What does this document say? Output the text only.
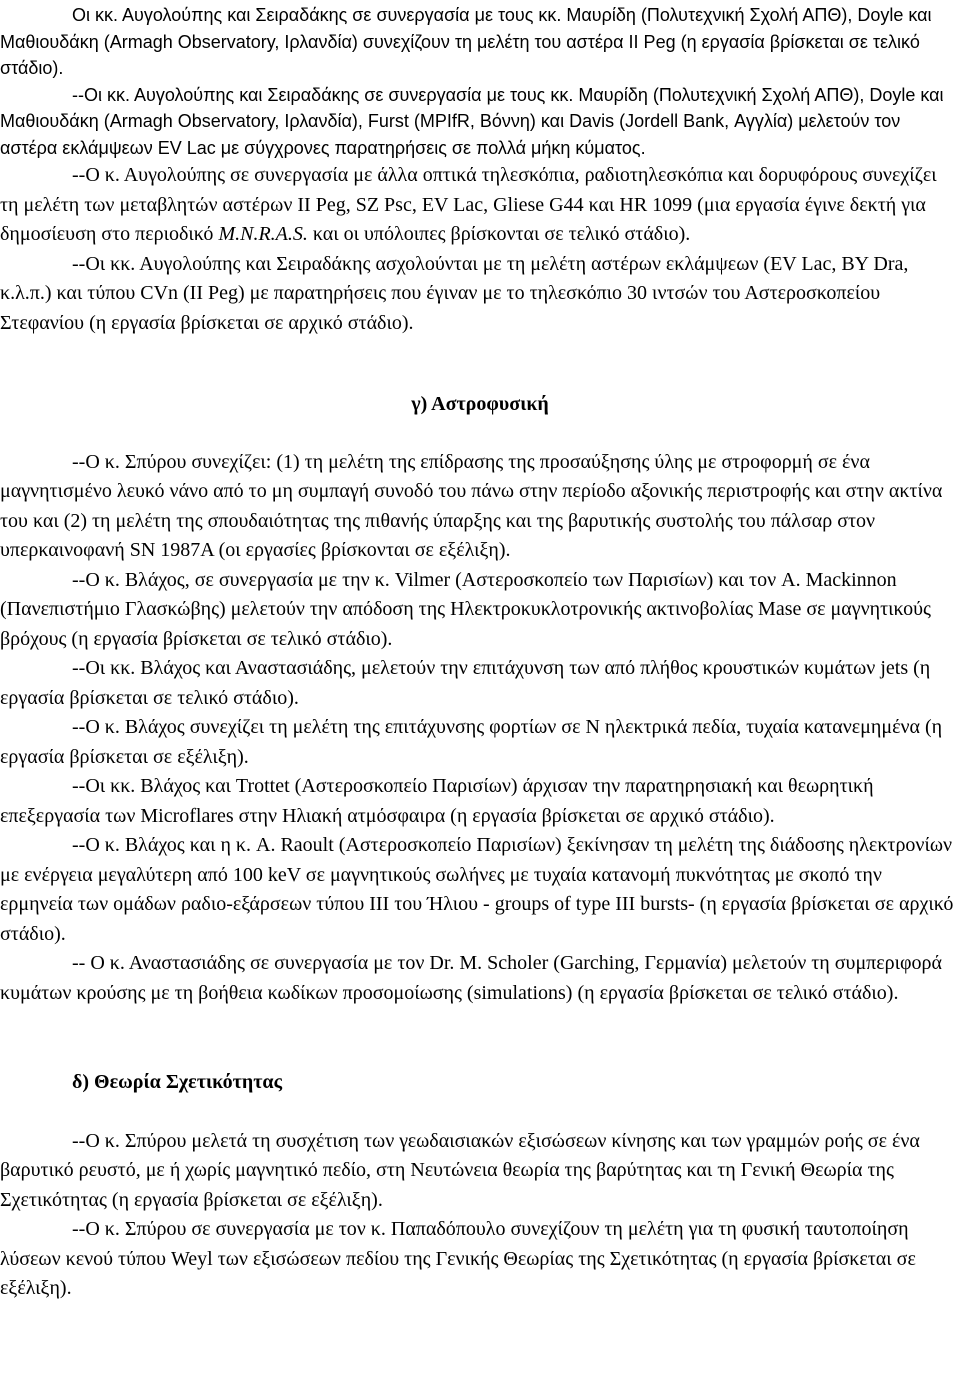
Οι κκ. Αυγολούπης και Σειραδάκης σε συνεργασία με τους κκ. Μαυρίδη (Πολυτεχνική Σχολή ΑΠΘ), Doyle και Μαθιουδάκη (Armagh Observatory, Ιρλανδία) συνεχίζουν τη μελέτη του αστέρα II Peg (η εργασία βρίσκεται σε τελικό στάδιο).

--Οι κκ. Αυγολούπης και Σειραδάκης σε συνεργασία με τους κκ. Μαυρίδη (Πολυτεχνική Σχολή ΑΠΘ), Doyle και Μαθιουδάκη (Armagh Observatory, Ιρλανδία), Furst (MPIfR, Βόννη) και Davis (Jordell Bank, Αγγλία) μελετούν τον αστέρα εκλάμψεων EV Lac με σύγχρονες παρατηρήσεις σε πολλά μήκη κύματος.

--Ο κ. Αυγολούπης σε συνεργασία με άλλα οπτικά τηλεσκόπια, ραδιοτηλεσκόπια και δορυφόρους συνεχίζει τη μελέτη των μεταβλητών αστέρων II Peg, SZ Psc, EV Lac, Gliese G44 και HR 1099 (μια εργασία έγινε δεκτή για δημοσίευση στο περιοδικό M.N.R.A.S. και οι υπόλοιπες βρίσκονται σε τελικό στάδιο).

--Οι κκ. Αυγολούπης και Σειραδάκης ασχολούνται με τη μελέτη αστέρων εκλάμψεων (EV Lac, BY Dra, κ.λ.π.) και τύπου CVn (II Peg) με παρατηρήσεις που έγιναν με το τηλεσκόπιο 30 ιντσών του Αστεροσκοπείου Στεφανίου (η εργασία βρίσκεται σε αρχικό στάδιο).

γ) Αστροφυσική

--Ο κ. Σπύρου συνεχίζει: (1) τη μελέτη της επίδρασης της προσαύξησης ύλης με στροφορμή σε ένα μαγνητισμένο λευκό νάνο από το μη συμπαγή συνοδό του πάνω στην περίοδο αξονικής περιστροφής και στην ακτίνα του και (2) τη μελέτη της σπουδαιότητας της πιθανής ύπαρξης και της βαρυτικής συστολής του πάλσαρ στον υπερκαινοφανή SN 1987A (οι εργασίες βρίσκονται σε εξέλιξη).

--Ο κ. Βλάχος, σε συνεργασία με την κ. Vilmer (Αστεροσκοπείο των Παρισίων) και τον A. Mackinnon (Πανεπιστήμιο Γλασκώβης) μελετούν την απόδοση της Ηλεκτροκυκλοτρονικής ακτινοβολίας Mase σε μαγνητικούς βρόχους (η εργασία βρίσκεται σε τελικό στάδιο).

--Οι κκ. Βλάχος και Αναστασιάδης, μελετούν την επιτάχυνση των από πλήθος κρουστικών κυμάτων jets (η εργασία βρίσκεται σε τελικό στάδιο).

--Ο κ. Βλάχος συνεχίζει τη μελέτη της επιτάχυνσης φορτίων σε Ν ηλεκτρικά πεδία, τυχαία κατανεμημένα (η εργασία βρίσκεται σε εξέλιξη).

--Οι κκ. Βλάχος και Trottet (Αστεροσκοπείο Παρισίων) άρχισαν την παρατηρησιακή και θεωρητική επεξεργασία των Microflares στην Ηλιακή ατμόσφαιρα (η εργασία βρίσκεται σε αρχικό στάδιο).

--Ο κ. Βλάχος και η κ. A. Raoult (Αστεροσκοπείο Παρισίων) ξεκίνησαν τη μελέτη της διάδοσης ηλεκτρονίων με ενέργεια μεγαλύτερη από 100 keV σε μαγνητικούς σωλήνες με τυχαία κατανομή πυκνότητας με σκοπό την ερμηνεία των ομάδων ραδιο-εξάρσεων τύπου ΙΙΙ του Ήλιου - groups of type III bursts- (η εργασία βρίσκεται σε αρχικό στάδιο).

-- Ο κ. Αναστασιάδης σε συνεργασία με τον Dr. M. Scholer (Garching, Γερμανία) μελετούν τη συμπεριφορά κυμάτων κρούσης με τη βοήθεια κωδίκων προσομοίωσης (simulations) (η εργασία βρίσκεται σε τελικό στάδιο).

δ) Θεωρία Σχετικότητας

--Ο κ. Σπύρου μελετά τη συσχέτιση των γεωδαισιακών εξισώσεων κίνησης και των γραμμών ροής σε ένα βαρυτικό ρευστό, με ή χωρίς μαγνητικό πεδίο, στη Νευτώνεια θεωρία της βαρύτητας και τη Γενική Θεωρία της Σχετικότητας (η εργασία βρίσκεται σε εξέλιξη).

--Ο κ. Σπύρου σε συνεργασία με τον κ. Παπαδόπουλο συνεχίζουν τη μελέτη για τη φυσική ταυτοποίηση λύσεων κενού τύπου Weyl των εξισώσεων πεδίου της Γενικής Θεωρίας της Σχετικότητας (η εργασία βρίσκεται σε εξέλιξη).
